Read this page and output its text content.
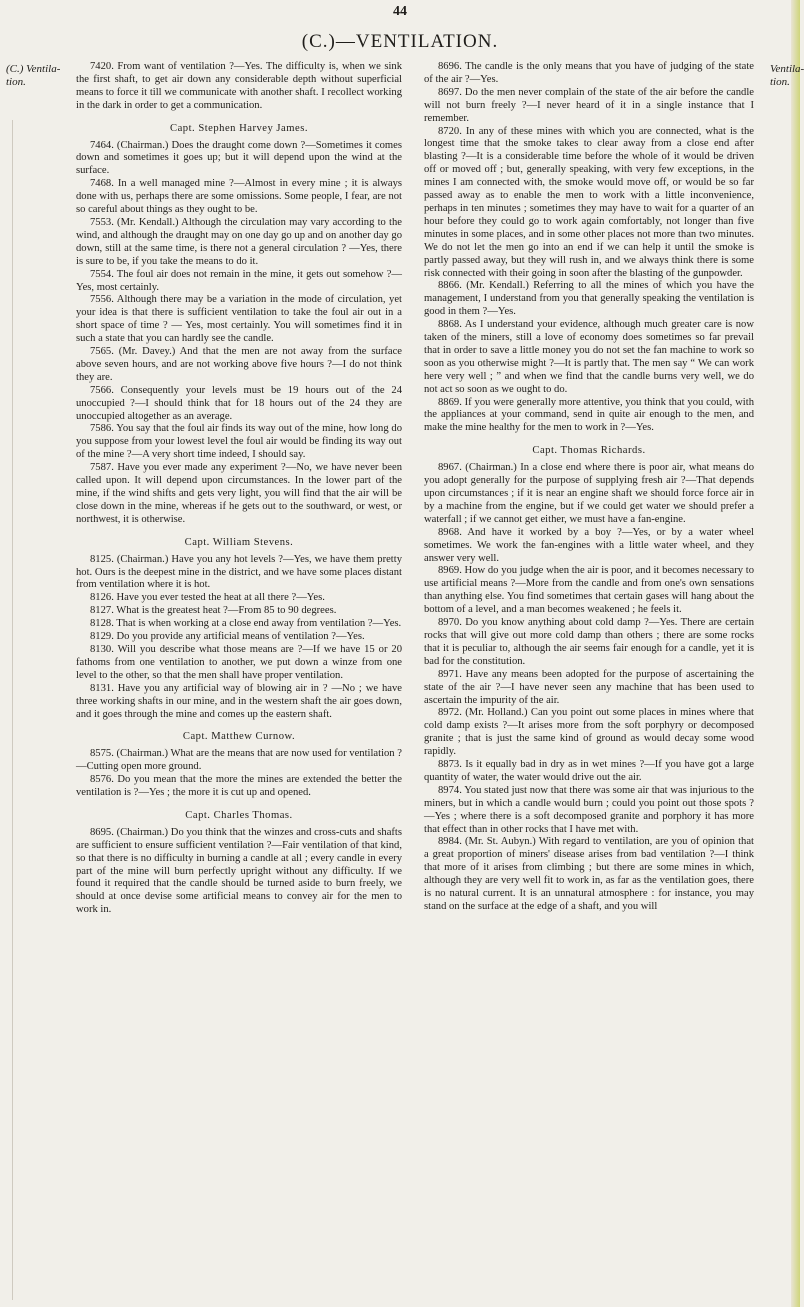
44
(C.)—VENTILATION.
(C.) Ventila- tion.
Ventila- tion.

7420. From want of ventilation ?—Yes. The difficulty is, when we sink the first shaft, to get air down any considerable depth without superficial means to force it till we communicate with another shaft. I recollect working in the dark in order to get a communication.

Capt. Stephen Harvey James.

7464. (Chairman.) Does the draught come down ?—Sometimes it comes down and sometimes it goes up; but it will depend upon the wind at the surface.

7468. In a well managed mine ?—Almost in every mine ; it is always done with us, perhaps there are some omissions. Some people, I fear, are not so careful about things as they ought to be.

7553. (Mr. Kendall.) Although the circulation may vary according to the wind, and although the draught may on one day go up and on another day go down, still at the same time, is there not a general circulation ? —Yes, there is sure to be, if you take the means to do it.

7554. The foul air does not remain in the mine, it gets out somehow ?—Yes, most certainly.

7556. Although there may be a variation in the mode of circulation, yet your idea is that there is sufficient ventilation to take the foul air out in a short space of time ? — Yes, most certainly. You will sometimes find it in such a state that you can hardly see the candle.

7565. (Mr. Davey.) And that the men are not away from the surface above seven hours, and are not working above five hours ?—I do not think they are.

7566. Consequently your levels must be 19 hours out of the 24 unoccupied ?—I should think that for 18 hours out of the 24 they are unoccupied altogether as an average.

7586. You say that the foul air finds its way out of the mine, how long do you suppose from your lowest level the foul air would be finding its way out of the mine ?—A very short time indeed, I should say.

7587. Have you ever made any experiment ?—No, we have never been called upon. It will depend upon circumstances. In the lower part of the mine, if the wind shifts and gets very light, you will find that the air will be close down in the mine, whereas if he gets out to the southward, or west, or northwest, it is otherwise.

Capt. William Stevens.

8125. (Chairman.) Have you any hot levels ?—Yes, we have them pretty hot. Ours is the deepest mine in the district, and we have some places distant from ventilation where it is hot.

8126. Have you ever tested the heat at all there ?—Yes.

8127. What is the greatest heat ?—From 85 to 90 degrees.

8128. That is when working at a close end away from ventilation ?—Yes.

8129. Do you provide any artificial means of ventilation ?—Yes.

8130. Will you describe what those means are ?—If we have 15 or 20 fathoms from one ventilation to another, we put down a winze from one level to the other, so that the men shall have proper ventilation.

8131. Have you any artificial way of blowing air in ? —No ; we have three working shafts in our mine, and in the western shaft the air goes down, and it goes through the mine and comes up the eastern shaft.

Capt. Matthew Curnow.

8575. (Chairman.) What are the means that are now used for ventilation ?—Cutting open more ground.

8576. Do you mean that the more the mines are extended the better the ventilation is ?—Yes ; the more it is cut up and opened.

Capt. Charles Thomas.

8695. (Chairman.) Do you think that the winzes and cross-cuts and shafts are sufficient to ensure sufficient ventilation ?—Fair ventilation of that kind, so that there is no difficulty in burning a candle at all ; every candle in every part of the mine will burn perfectly upright without any difficulty. If we found it required that the candle should be turned aside to burn freely, we should at once devise some artificial means to convey air for the men to work in.

8696. The candle is the only means that you have of judging of the state of the air ?—Yes.

8697. Do the men never complain of the state of the air before the candle will not burn freely ?—I never heard of it in a single instance that I remember.

8720. In any of these mines with which you are connected, what is the longest time that the smoke takes to clear away from a close end after blasting ?—It is a considerable time before the whole of it would be driven off or moved off ; but, generally speaking, with very few exceptions, in the mines I am connected with, the smoke would move off, or would be so far passed away as to enable the men to work with a little inconvenience, perhaps in ten minutes ; sometimes they may have to wait for a quarter of an hour before they could go to work again comfortably, not longer than five minutes in some places, and in some other places not more than two minutes. We do not let the men go into an end if we can help it until the smoke is partly passed away, but they will rush in, and we always think there is some risk connected with their going in soon after the blasting of the gunpowder.

8866. (Mr. Kendall.) Referring to all the mines of which you have the management, I understand from you that generally speaking the ventilation is good in them ?—Yes.

8868. As I understand your evidence, although much greater care is now taken of the miners, still a love of economy does sometimes so far prevail that in order to save a little money you do not set the fan machine to work so soon as you otherwise might ?—It is partly that. The men say “ We can work here very well ; ” and when we find that the candle burns very well, we do not act so soon as we ought to do.

8869. If you were generally more attentive, you think that you could, with the appliances at your command, send in quite air enough to the men, and make the mine healthy for the men to work in ?—Yes.

Capt. Thomas Richards.

8967. (Chairman.) In a close end where there is poor air, what means do you adopt generally for the purpose of supplying fresh air ?—That depends upon circumstances ; if it is near an engine shaft we should force force air in by a machine from the engine, but if we could get water we should prefer a waterfall ; if we cannot get either, we must have a fan-engine.

8968. And have it worked by a boy ?—Yes, or by a water wheel sometimes. We work the fan-engines with a little water wheel, and they answer very well.

8969. How do you judge when the air is poor, and it becomes necessary to use artificial means ?—More from the candle and from one's own sensations than anything else. You find sometimes that certain gases will hang about the bottom of a level, and a man becomes weakened ; he feels it.

8970. Do you know anything about cold damp ?—Yes. There are certain rocks that will give out more cold damp than others ; there are some rocks that it is peculiar to, although the air seems fair enough for a candle, yet it is bad for the constitution.

8971. Have any means been adopted for the purpose of ascertaining the state of the air ?—I have never seen any machine that has been used to ascertain the impurity of the air.

8972. (Mr. Holland.) Can you point out some places in mines where that cold damp exists ?—It arises more from the soft porphyry or decomposed granite ; that is just the same kind of ground as would decay some wood rapidly.

8873. Is it equally bad in dry as in wet mines ?—If you have got a large quantity of water, the water would drive out the air.

8974. You stated just now that there was some air that was injurious to the miners, but in which a candle would burn ; could you point out those spots ?—Yes ; where there is a soft decomposed granite and porphory it has more that effect than in other rocks that I have met with.

8984. (Mr. St. Aubyn.) With regard to ventilation, are you of opinion that a great proportion of miners' disease arises from bad ventilation ?—I think that more of it arises from climbing ; but there are some mines in which, although they are very well fit to work in, as far as the ventilation goes, there is no natural current. It is an unnatural atmosphere : for instance, you may stand on the surface at the edge of a shaft, and you will
